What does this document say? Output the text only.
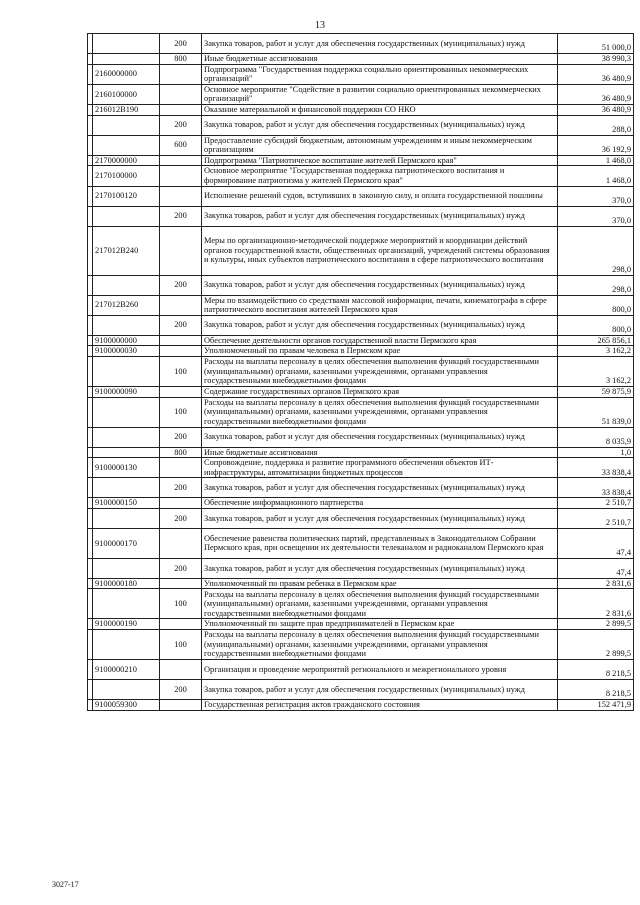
13
		200	Закупка товаров, работ и услуг для обеспечения государственных (муниципальных) нужд	51 000,0
		800	Иные бюджетные ассигнования	38 990,3
	2160000000		Подпрограмма "Государственная поддержка социально ориентированных некоммерческих организаций"	36 480,9
	2160100000		Основное мероприятие "Содействие в развитии социально ориентированных некоммерческих организаций"	36 480,9
	216012В190		Оказание материальной и финансовой поддержки СО НКО	36 480,9
		200	Закупка товаров, работ и услуг для обеспечения государственных (муниципальных) нужд	288,0
		600	Предоставление субсидий бюджетным, автономным учреждениям и иным некоммерческим организациям	36 192,9
	2170000000		Подпрограмма "Патриотическое воспитание жителей Пермского края"	1 468,0
	2170100000		Основное мероприятие "Государственная поддержка патриотического воспитания и формирование патриотизма у жителей Пермского края"	1 468,0
	2170100120		Исполнение решений судов, вступивших в законную силу, и оплата государственной пошлины	370,0
		200	Закупка товаров, работ и услуг для обеспечения государственных (муниципальных) нужд	370,0
	217012В240		Меры по организационно-методической поддержке мероприятий и координации действий органов государственной власти, общественных организаций, учреждений системы образования и культуры, иных субъектов патриотического воспитания в сфере патриотического воспитания	298,0
		200	Закупка товаров, работ и услуг для обеспечения государственных (муниципальных) нужд	298,0
	217012В260		Меры по взаимодействию со средствами массовой информации, печати, кинематографа в сфере патриотического воспитания жителей Пермского края	800,0
		200	Закупка товаров, работ и услуг для обеспечения государственных (муниципальных) нужд	800,0
	9100000000		Обеспечение деятельности органов государственной власти Пермского края	265 856,1
	9100000030		Уполномоченный по правам человека в Пермском крае	3 162,2
		100	Расходы на выплаты персоналу в целях обеспечения выполнения функций государственными (муниципальными) органами, казенными учреждениями, органами управления государственными внебюджетными фондами	3 162,2
	9100000090		Содержание государственных органов Пермского края	59 875,9
		100	Расходы на выплаты персоналу в целях обеспечения выполнения функций государственными (муниципальными) органами, казенными учреждениями, органами управления государственными внебюджетными фондами	51 839,0
		200	Закупка товаров, работ и услуг для обеспечения государственных (муниципальных) нужд	8 035,9
		800	Иные бюджетные ассигнования	1,0
	9100000130		Сопровождение, поддержка и развитие программного обеспечения объектов ИТ-инфраструктуры, автоматизации бюджетных процессов	33 838,4
		200	Закупка товаров, работ и услуг для обеспечения государственных (муниципальных) нужд	33 838,4
	9100000150		Обеспечение информационного партнерства	2 510,7
		200	Закупка товаров, работ и услуг для обеспечения государственных (муниципальных) нужд	2 510,7
	9100000170		Обеспечение равенства политических партий, представленных в Законодательном Собрании Пермского края, при освещении их деятельности телеканалом и радиоканалом Пермского края	47,4
		200	Закупка товаров, работ и услуг для обеспечения государственных (муниципальных) нужд	47,4
	9100000180		Уполномоченный по правам ребенка в Пермском крае	2 831,6
		100	Расходы на выплаты персоналу в целях обеспечения выполнения функций государственными (муниципальными) органами, казенными учреждениями, органами управления государственными внебюджетными фондами	2 831,6
	9100000190		Уполномоченный по защите прав предпринимателей в Пермском крае	2 899,5
		100	Расходы на выплаты персоналу в целях обеспечения выполнения функций государственными (муниципальными) органами, казенными учреждениями, органами управления государственными внебюджетными фондами	2 899,5
	9100000210		Организация и проведение мероприятий регионального и межрегионального уровня	8 218,5
		200	Закупка товаров, работ и услуг для обеспечения государственных (муниципальных) нужд	8 218,5
	9100059300		Государственная регистрация актов гражданского состояния	152 471,9
3027-17
